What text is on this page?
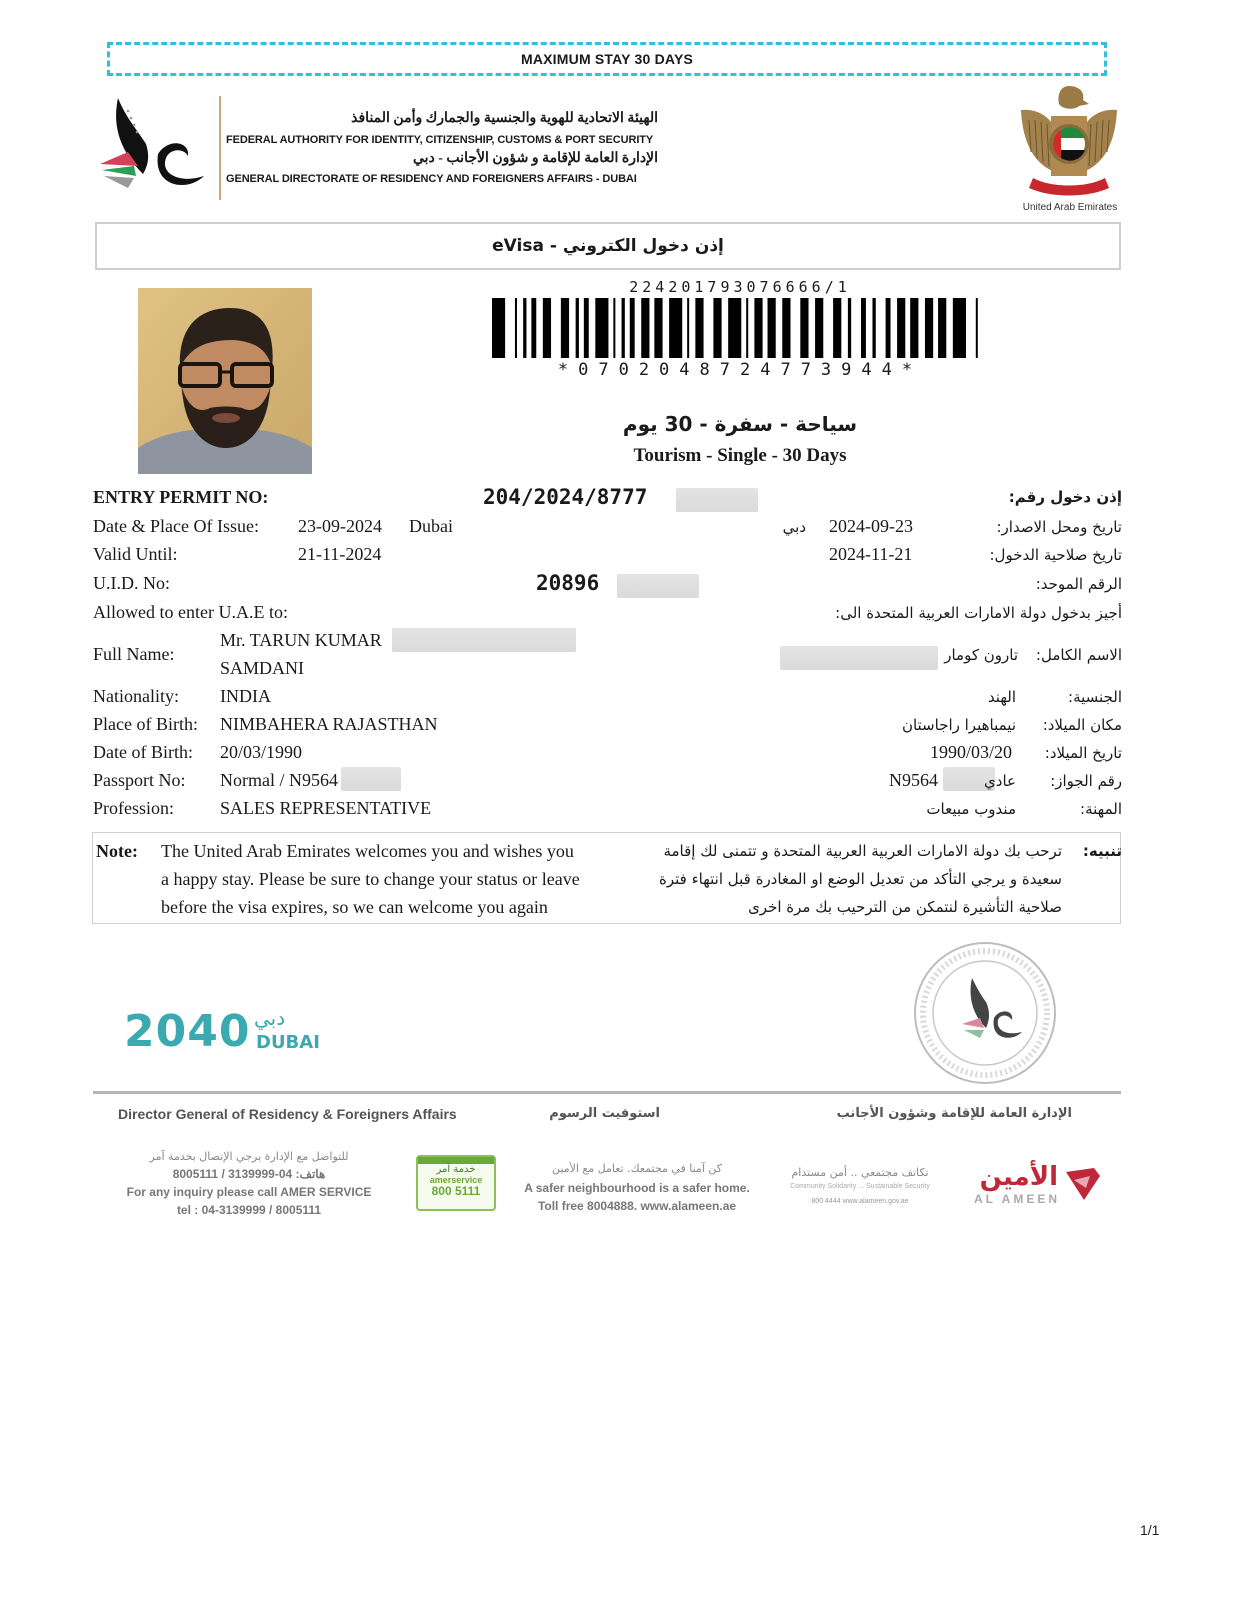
MAXIMUM STAY 30 DAYS
الهيئة الاتحادية للهوية والجنسية والجمارك وأمن المنافذ
FEDERAL AUTHORITY FOR IDENTITY, CITIZENSHIP, CUSTOMS & PORT SECURITY
الإدارة العامة للإقامة و شؤون الأجانب - دبي
GENERAL DIRECTORATE OF RESIDENCY AND FOREIGNERS AFFAIRS - DUBAI
United Arab Emirates
إذن دخول الكتروني - eVisa
224201793076666/1
*0702048724773944*
سياحة - سفرة - 30 يوم
Tourism - Single - 30 Days
ENTRY PERMIT NO:	204/2024/8777	إذن دخول رقم:
Date & Place Of Issue: 23-09-2024 Dubai	دبي 2024-09-23	تاريخ ومحل الاصدار:
Valid Until:	21-11-2024	2024-11-21	تاريخ صلاحية الدخول:
U.I.D. No:	20896	الرقم الموحد:
Allowed to enter U.A.E to:	أجيز بدخول دولة الامارات العربية المتحدة الى:
Full Name:
Mr. TARUN KUMAR
SAMDANI
تارون كومار	الاسم الكامل:
Nationality: INDIA	الهند	الجنسية:
Place of Birth: NIMBAHERA RAJASTHAN	نيمباهيرا راجاستان	مكان الميلاد:
Date of Birth: 20/03/1990	1990/03/20	تاريخ الميلاد:
Passport No: Normal / N9564	N9564	عادي	رقم الجواز:
Profession:	SALES REPRESENTATIVE	مندوب مبيعات	المهنة:
Note: The United Arab Emirates welcomes you and wishes you
a happy stay. Please be sure to change your status or leave
before the visa expires, so we can welcome you again
تنبيه:
ترحب بك دولة الامارات العربية العربية المتحدة و تتمنى لك إقامة
سعيدة و يرجي التأكد من تعديل الوضع او المغادرة قبل انتهاء فترة
صلاحية التأشيرة لنتمكن من الترحيب بك مرة اخرى
2040 دبي
DUBAI
Director General of Residency & Foreigners Affairs	استوفيت الرسوم	الإدارة العامة للإقامة وشؤون الأجانب
للتواصل مع الإدارة يرجي الإتصال بخدمة آمر
هاتف: 04-3139999 / 8005111
For any inquiry please call AMER SERVICE
tel : 04-3139999 / 8005111
خدمة آمر
amerservice
800 5111
كن آمنا في مجتمعك. تعامل مع الأمين
A safer neighbourhood is a safer home.
Toll free 8004888. www.alameen.ae
تكاتف مجتمعي .. أمن مستدام
Community Solidarity ... Sustainable Security
800 4444 www.alameen.gov.ae
الأمين
AL AMEEN
1/1
